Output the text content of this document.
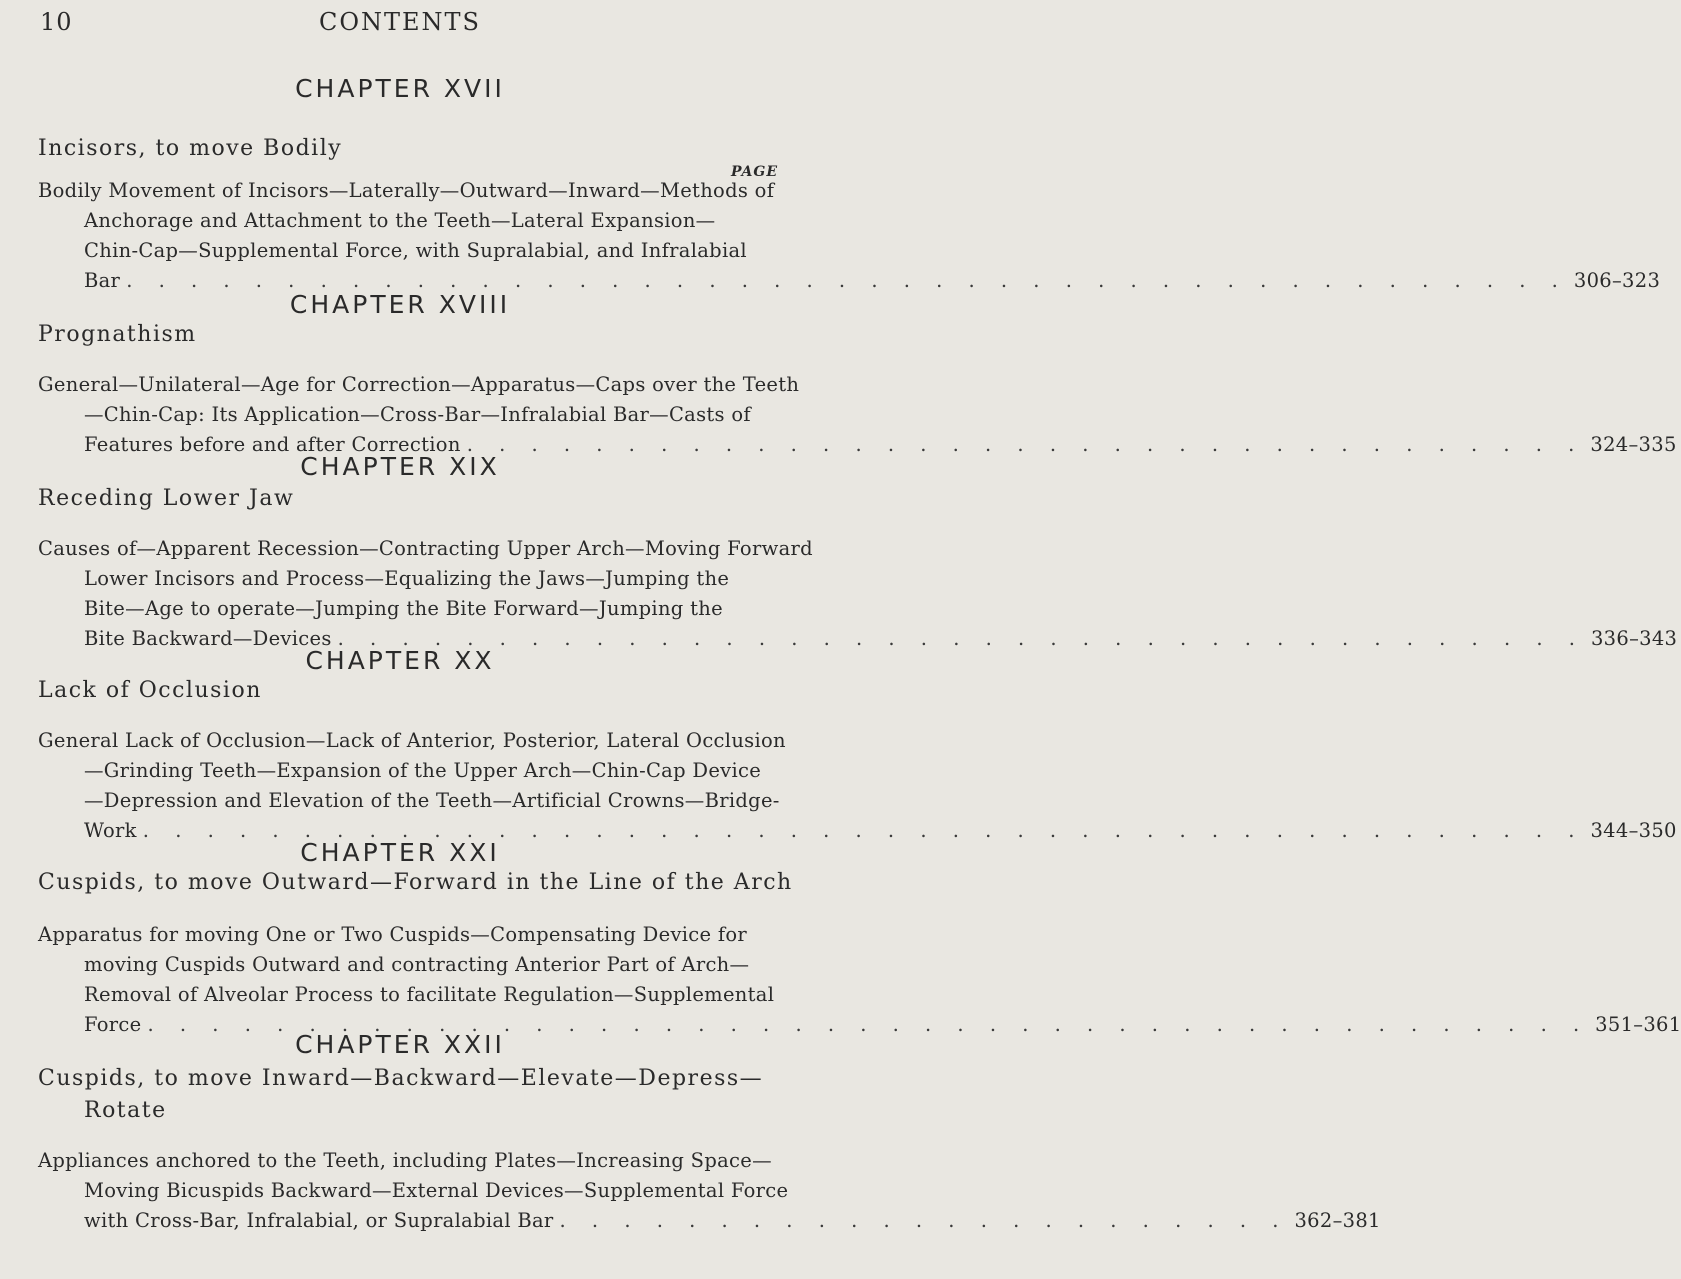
10	CONTENTS
CHAPTER XVII
Incisors, to move Bodily
PAGE
Bodily Movement of Incisors—Laterally—Outward—Inward—Methods of
Anchorage and Attachment to the Teeth—Lateral Expansion—
Chin-Cap—Supplemental Force, with Supralabial, and Infralabial
Bar . . . . . . . . . . . . . . . . . . . . . . . . . . . . . . . . . . . . . . . . . . . . . 306–323
CHAPTER XVIII
Prognathism
General—Unilateral—Age for Correction—Apparatus—Caps over the Teeth
—Chin-Cap: Its Application—Cross-Bar—Infralabial Bar—Casts of
Features before and after Correction . . . . . . . . . . . . . . . . . . . . . . . . . . . . . . . . . . . 324–335
CHAPTER XIX
Receding Lower Jaw
Causes of—Apparent Recession—Contracting Upper Arch—Moving Forward
Lower Incisors and Process—Equalizing the Jaws—Jumping the
Bite—Age to operate—Jumping the Bite Forward—Jumping the
Bite Backward—Devices . . . . . . . . . . . . . . . . . . . . . . . . . . . . . . . . . . . . . . . 336–343
CHAPTER XX
Lack of Occlusion
General Lack of Occlusion—Lack of Anterior, Posterior, Lateral Occlusion
—Grinding Teeth—Expansion of the Upper Arch—Chin-Cap Device
—Depression and Elevation of the Teeth—Artificial Crowns—Bridge-
Work . . . . . . . . . . . . . . . . . . . . . . . . . . . . . . . . . . . . . . . . . . . . . 344–350
CHAPTER XXI
Cuspids, to move Outward—Forward in the Line of the Arch
Apparatus for moving One or Two Cuspids—Compensating Device for
moving Cuspids Outward and contracting Anterior Part of Arch—
Removal of Alveolar Process to facilitate Regulation—Supplemental
Force . . . . . . . . . . . . . . . . . . . . . . . . . . . . . . . . . . . . . . . . . . . . . 351–361
CHAPTER XXII
Cuspids, to move Inward—Backward—Elevate—Depress—
Rotate
Appliances anchored to the Teeth, including Plates—Increasing Space—
Moving Bicuspids Backward—External Devices—Supplemental Force
with Cross-Bar, Infralabial, or Supralabial Bar . . . . . . . . . . . . . . . . . . . . . . . 362–381
